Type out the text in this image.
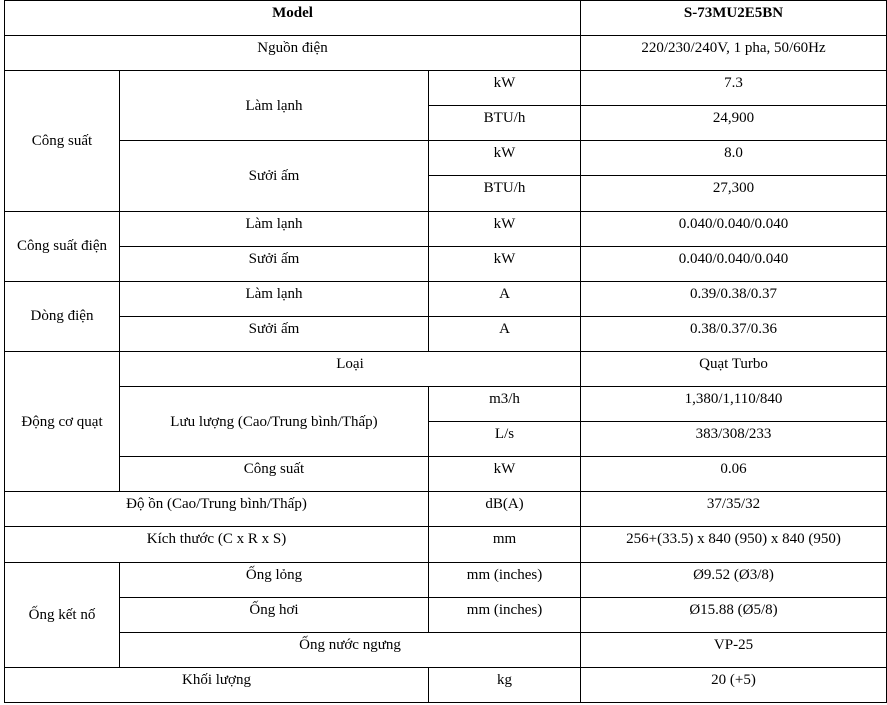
Model			S-73MU2E5BN
Nguồn điện			220/230/240V, 1 pha, 50/60Hz
Công suất	Làm lạnh	kW	7.3
		BTU/h	24,900
	Sưởi ấm	kW	8.0
		BTU/h	27,300
Công suất điện	Làm lạnh	kW	0.040/0.040/0.040
	Sưởi ấm	kW	0.040/0.040/0.040
Dòng điện	Làm lạnh	A	0.39/0.38/0.37
	Sưởi ấm	A	0.38/0.37/0.36
Động cơ quạt	Loại		Quạt Turbo
	Lưu lượng (Cao/Trung bình/Thấp)	m3/h	1,380/1,110/840
		L/s	383/308/233
	Công suất	kW	0.06
Độ ồn (Cao/Trung bình/Thấp)		dB(A)	37/35/32
Kích thước (C x R x S)		mm	256+(33.5) x 840 (950) x 840 (950)
Ống kết nố	Ống lỏng	mm (inches)	Ø9.52 (Ø3/8)
	Ống hơi	mm (inches)	Ø15.88 (Ø5/8)
	Ống nước ngưng		VP-25
Khối lượng		kg	20 (+5)
